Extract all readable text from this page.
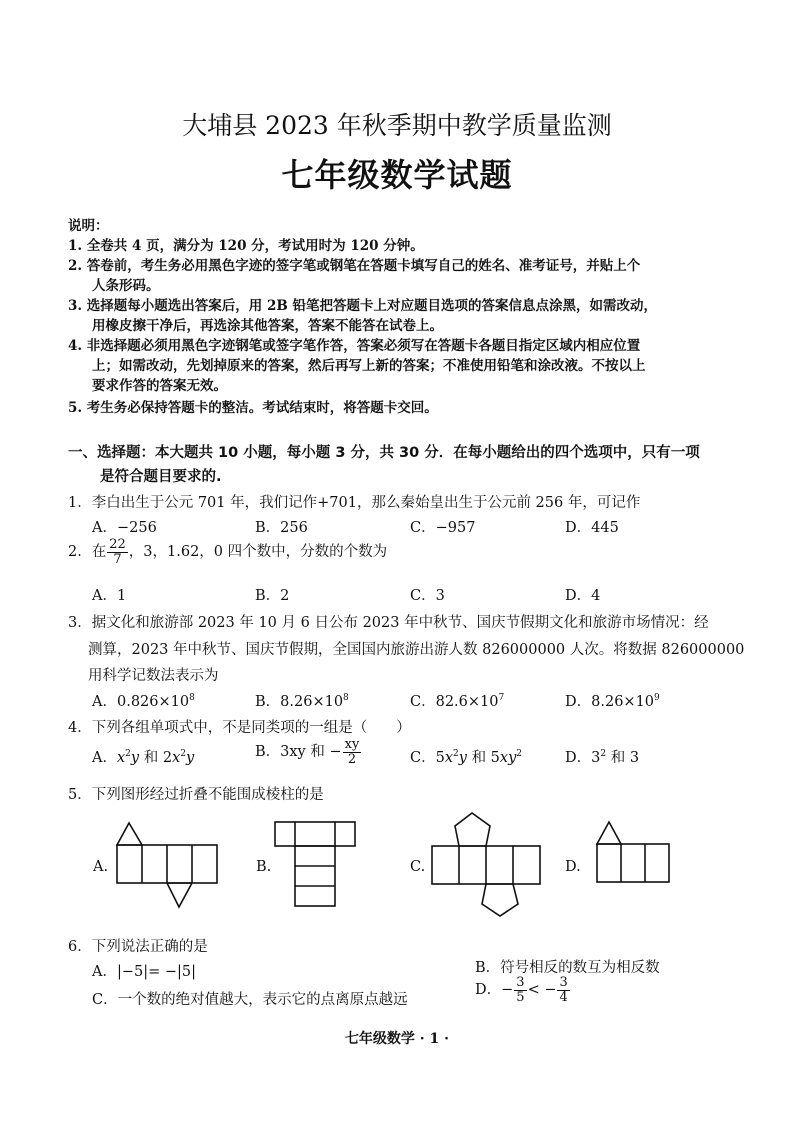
大埔县 2023 年秋季期中教学质量监测
七年级数学试题
说明：
1. 全卷共 4 页，满分为 120 分，考试用时为 120 分钟。
2. 答卷前，考生务必用黑色字迹的签字笔或钢笔在答题卡填写自己的姓名、准考证号，并贴上个
人条形码。
3. 选择题每小题选出答案后，用 2B 铅笔把答题卡上对应题目选项的答案信息点涂黑，如需改动，
用橡皮擦干净后，再选涂其他答案，答案不能答在试卷上。
4. 非选择题必须用黑色字迹钢笔或签字笔作答，答案必须写在答题卡各题目指定区域内相应位置
上；如需改动，先划掉原来的答案，然后再写上新的答案；不准使用铅笔和涂改液。不按以上
要求作答的答案无效。
5. 考生务必保持答题卡的整洁。考试结束时，将答题卡交回。
一、选择题：本大题共 10 小题，每小题 3 分，共 30 分．在每小题给出的四个选项中，只有一项
是符合题目要求的.
1．李白出生于公元 701 年，我们记作+701，那么秦始皇出生于公元前 256 年，可记作
A．−256	B．256	C．−957	D．445
2．在 $\frac{22}{7}$ ，3，1.62，0 四个数中，分数的个数为
A．1	B．2	C．3	D．4
3．据文化和旅游部 2023 年 10 月 6 日公布 2023 年中秋节、国庆节假期文化和旅游市场情况：经
测算，2023 年中秋节、国庆节假期，全国国内旅游出游人数 826000000 人次。将数据 826000000
用科学记数法表示为
A．$0.826\times 10^8$	B．$8.26\times 10^8$	C．$82.6\times 10^7$	D．$8.26\times 10^9$
4．下列各组单项式中，不是同类项的一组是（　　）
A．$x^2y$ 和 $2x^2y$	B．3xy 和 − $\frac{xy}{2}$	C．$5x^2y$ 和 $5xy^2$	D．$3^2$ 和 3
5．下列图形经过折叠不能围成棱柱的是
A.	B.	C.	D.
6．下列说法正确的是
A．|−5|= −|5|	B．符号相反的数互为相反数
C．一个数的绝对值越大，表示它的点离原点越远
D．− $\frac{3}{5}$ < − $\frac{3}{4}$
七年级数学 · 1 ·
